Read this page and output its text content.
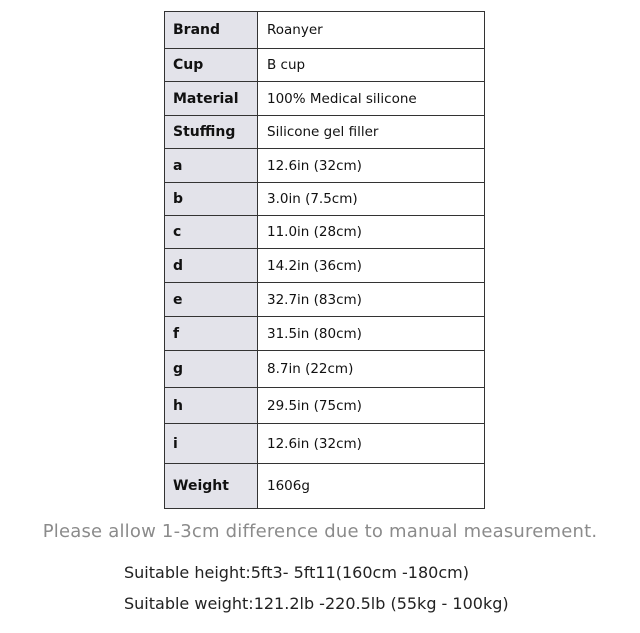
Brand	Roanyer
Cup	B cup
Material	100% Medical silicone
Stuffing	Silicone gel filler
a	12.6in (32cm)
b	3.0in (7.5cm)
c	11.0in (28cm)
d	14.2in (36cm)
e	32.7in (83cm)
f	31.5in (80cm)
g	8.7in (22cm)
h	29.5in (75cm)
i	12.6in (32cm)
Weight	1606g
Please allow 1-3cm difference due to manual measurement.
Suitable height:5ft3- 5ft11(160cm -180cm)
Suitable weight:121.2lb -220.5lb (55kg - 100kg)
